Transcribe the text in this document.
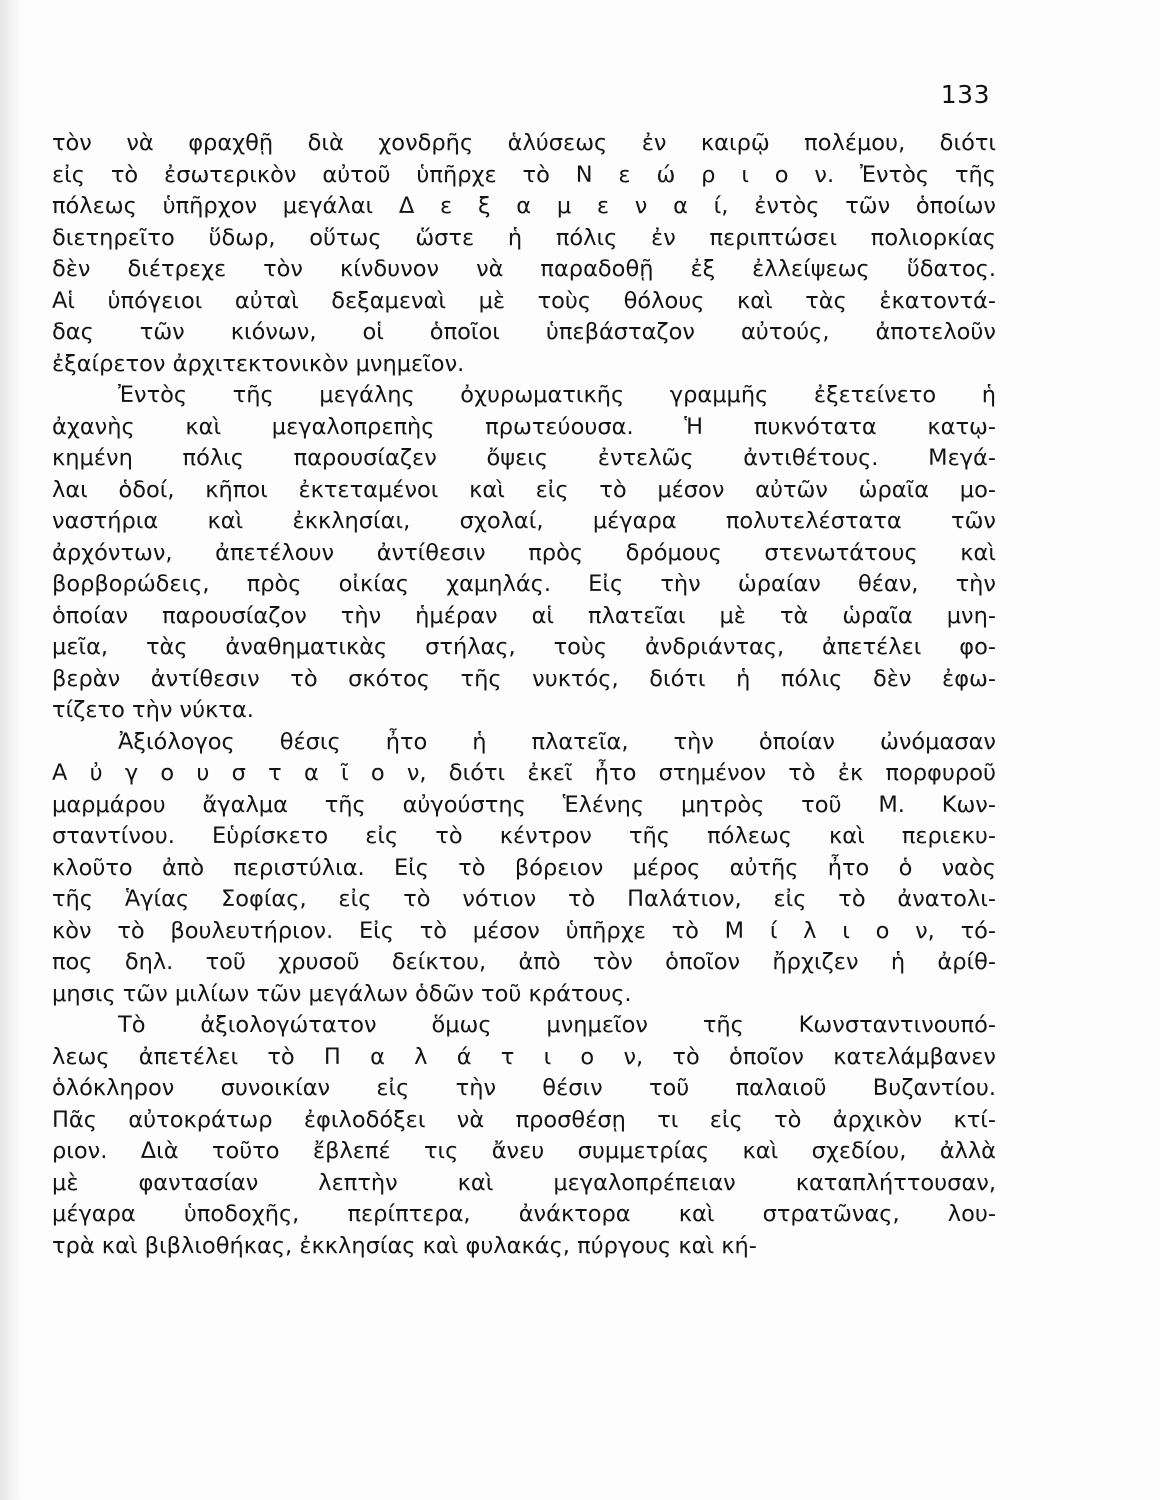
133
τὸν νὰ φραχθῇ διὰ χονδρῆς ἁλύσεως ἐν καιρῷ πολέμου, διότι
εἰς τὸ ἐσωτερικὸν αὐτοῦ ὑπῆρχε τὸ Ν ε ώ ρ ι ο ν. Ἐντὸς τῆς
πόλεως ὑπῆρχον μεγάλαι Δ ε ξ α μ ε ν α ί, ἐντὸς τῶν ὁποίων
διετηρεῖτο ὕδωρ, οὕτως ὥστε ἡ πόλις ἐν περιπτώσει πολιορκίας
δὲν διέτρεχε τὸν κίνδυνον νὰ παραδοθῇ ἐξ ἐλλείψεως ὕδατος.
Αἱ ὑπόγειοι αὐταὶ δεξαμεναὶ μὲ τοὺς θόλους καὶ τὰς ἑκατοντά-
δας τῶν κιόνων, οἱ ὁποῖοι ὑπεβάσταζον αὐτούς, ἀποτελοῦν
ἐξαίρετον ἀρχιτεκτονικὸν μνημεῖον.
Ἐντὸς τῆς μεγάλης ὀχυρωματικῆς γραμμῆς ἐξετείνετο ἡ
ἀχανὴς καὶ μεγαλοπρεπὴς πρωτεύουσα. Ἡ πυκνότατα κατῳ-
κημένη πόλις παρουσίαζεν ὄψεις ἐντελῶς ἀντιθέτους. Μεγά-
λαι ὁδοί, κῆποι ἐκτεταμένοι καὶ εἰς τὸ μέσον αὐτῶν ὡραῖα μο-
ναστήρια καὶ ἐκκλησίαι, σχολαί, μέγαρα πολυτελέστατα τῶν
ἀρχόντων, ἀπετέλουν ἀντίθεσιν πρὸς δρόμους στενωτάτους καὶ
βορβορώδεις, πρὸς οἰκίας χαμηλάς. Εἰς τὴν ὡραίαν θέαν, τὴν
ὁποίαν παρουσίαζον τὴν ἡμέραν αἱ πλατεῖαι μὲ τὰ ὡραῖα μνη-
μεῖα, τὰς ἀναθηματικὰς στήλας, τοὺς ἀνδριάντας, ἀπετέλει φο-
βερὰν ἀντίθεσιν τὸ σκότος τῆς νυκτός, διότι ἡ πόλις δὲν ἐφω-
τίζετο τὴν νύκτα.
Ἀξιόλογος θέσις ἦτο ἡ πλατεῖα, τὴν ὁποίαν ὠνόμασαν
Α ὐ γ ο υ σ τ α ῖ ο ν, διότι ἐκεῖ ἦτο στημένον τὸ ἐκ πορφυροῦ
μαρμάρου ἄγαλμα τῆς αὐγούστης Ἑλένης μητρὸς τοῦ Μ. Κων-
σταντίνου. Εὑρίσκετο εἰς τὸ κέντρον τῆς πόλεως καὶ περιεκυ-
κλοῦτο ἀπὸ περιστύλια. Εἰς τὸ βόρειον μέρος αὐτῆς ἦτο ὁ ναὸς
τῆς Ἁγίας Σοφίας, εἰς τὸ νότιον τὸ Παλάτιον, εἰς τὸ ἀνατολι-
κὸν τὸ βουλευτήριον. Εἰς τὸ μέσον ὑπῆρχε τὸ Μ ί λ ι ο ν, τό-
πος δηλ. τοῦ χρυσοῦ δείκτου, ἀπὸ τὸν ὁποῖον ἤρχιζεν ἡ ἀρίθ-
μησις τῶν μιλίων τῶν μεγάλων ὁδῶν τοῦ κράτους.
Τὸ ἀξιολογώτατον ὅμως μνημεῖον τῆς Κωνσταντινουπό-
λεως ἀπετέλει τὸ Π α λ ά τ ι ο ν, τὸ ὁποῖον κατελάμβανεν
ὁλόκληρον συνοικίαν εἰς τὴν θέσιν τοῦ παλαιοῦ Βυζαντίου.
Πᾶς αὐτοκράτωρ ἐφιλοδόξει νὰ προσθέσῃ τι εἰς τὸ ἀρχικὸν κτί-
ριον. Διὰ τοῦτο ἔβλεπέ τις ἄνευ συμμετρίας καὶ σχεδίου, ἀλλὰ
μὲ φαντασίαν λεπτὴν καὶ μεγαλοπρέπειαν καταπλήττουσαν,
μέγαρα ὑποδοχῆς, περίπτερα, ἀνάκτορα καὶ στρατῶνας, λου-
τρὰ καὶ βιβλιοθήκας, ἐκκλησίας καὶ φυλακάς, πύργους καὶ κή-
